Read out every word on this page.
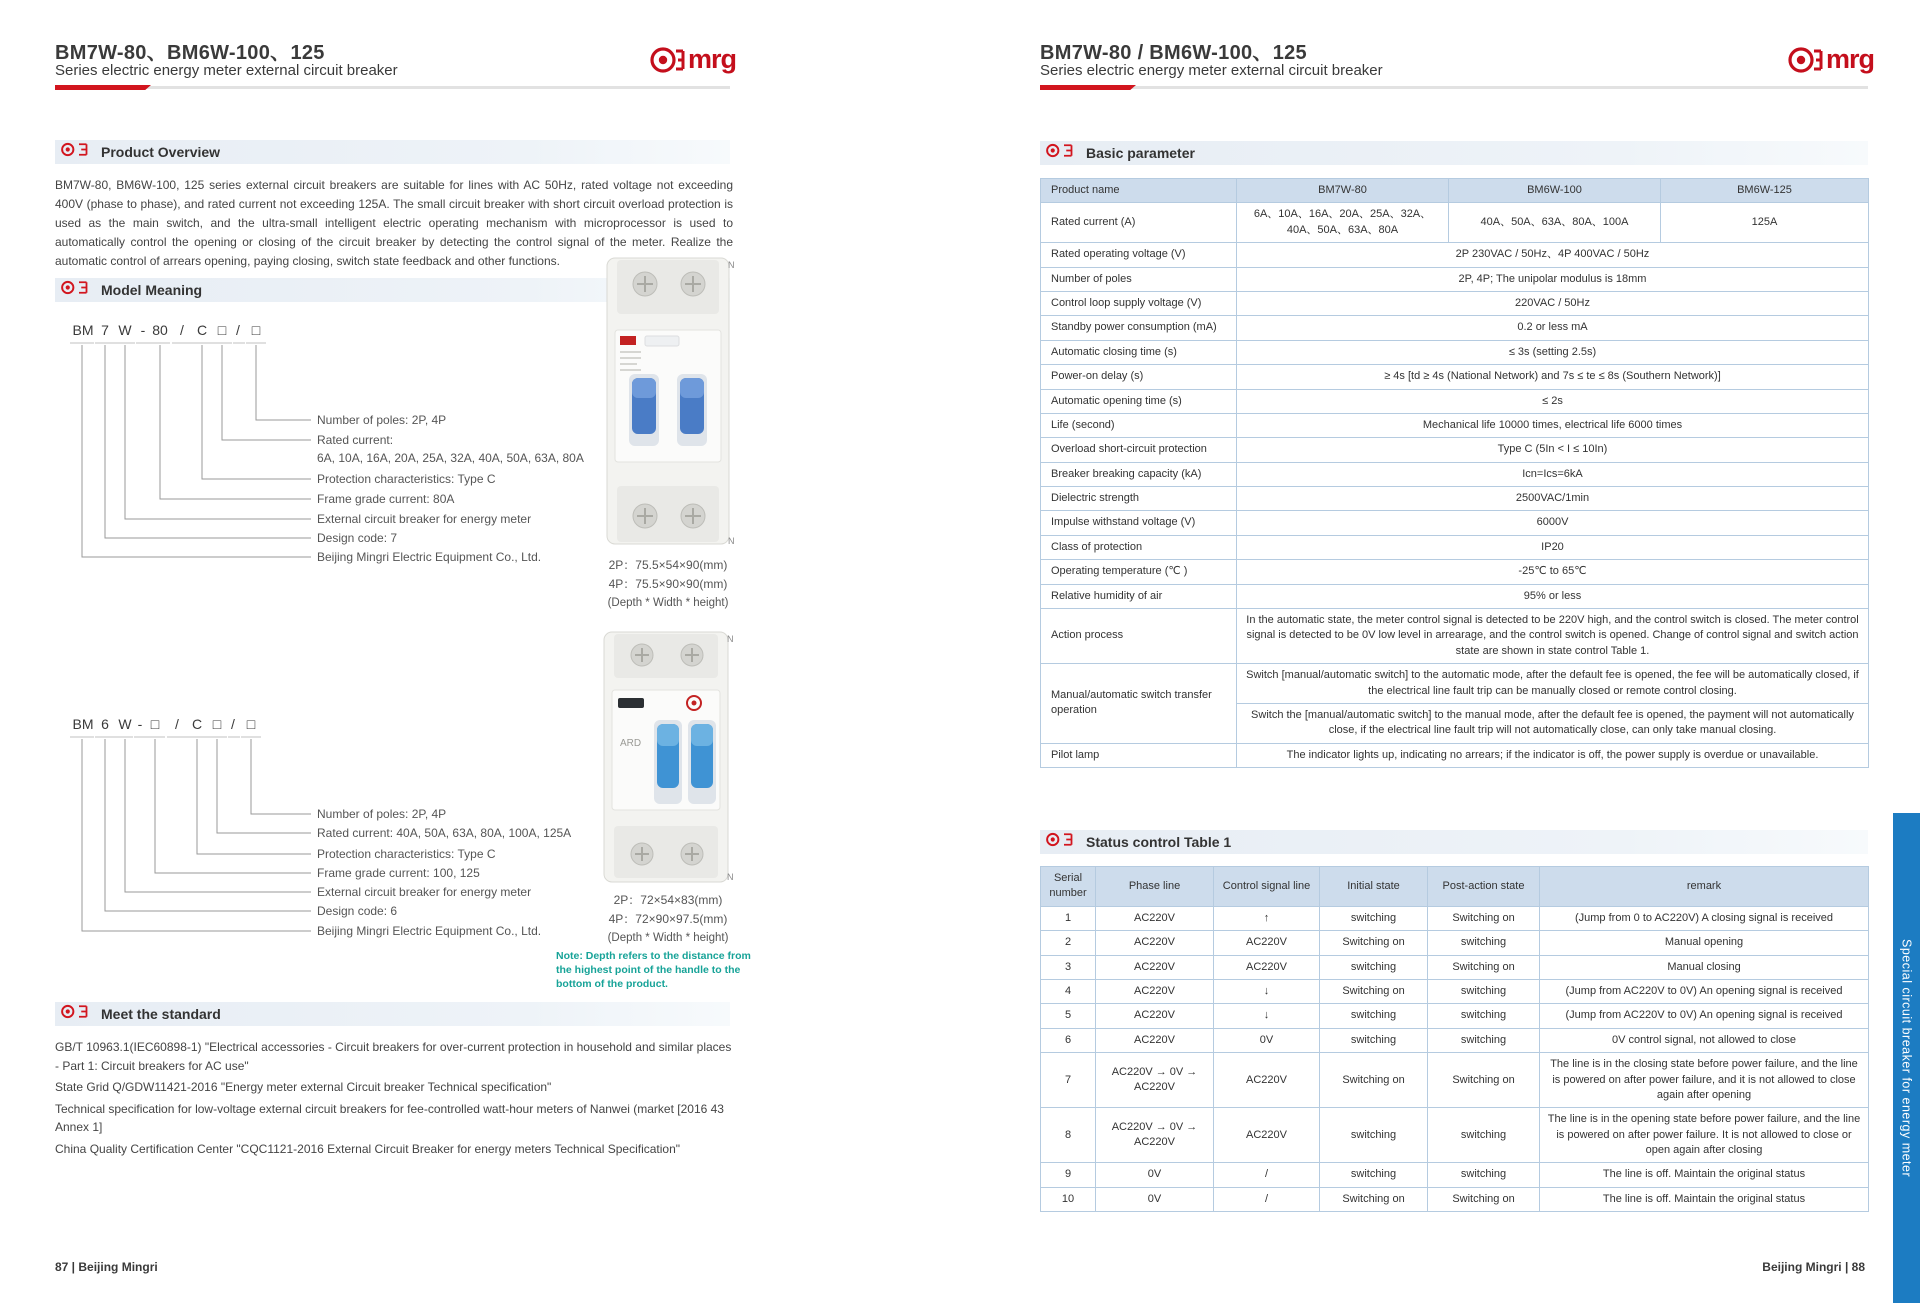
BM7W-80、BM6W-100、125
Series electric energy meter external circuit breaker	mrg
Product Overview
BM7W-80, BM6W-100, 125 series external circuit breakers are suitable for lines with AC 50Hz, rated voltage not exceeding 400V (phase to phase), and rated current not exceeding 125A. The small circuit breaker with short circuit overload protection is used as the main switch, and the ultra-small intelligent electric operating mechanism with microprocessor is used to automatically control the opening or closing of the circuit breaker by detecting the control signal of the meter. Realize the automatic control of arrears opening, paying closing, switch state feedback and other functions.
Model Meaning
BM 7 W - 80 / C □ / □
Number of poles: 2P, 4P
Rated current:
6A, 10A, 16A, 20A, 25A, 32A, 40A, 50A, 63A, 80A
Protection characteristics: Type C
Frame grade current: 80A
External circuit breaker for energy meter
Design code: 7
Beijing Mingri Electric Equipment Co., Ltd.
N
N
2P：75.5×54×90(mm)
4P：75.5×90×90(mm)
(Depth * Width * height)
BM 6 W - □	/ C □ / □
Number of poles: 2P, 4P
Rated current: 40A, 50A, 63A, 80A, 100A, 125A
Protection characteristics: Type C
Frame grade current: 100, 125
External circuit breaker for energy meter
Design code: 6
Beijing Mingri Electric Equipment Co., Ltd.
N
ARD
N
2P：72×54×83(mm)
4P：72×90×97.5(mm)
(Depth * Width * height)
Note: Depth refers to the distance from the highest point of the handle to the bottom of the product.
Meet the standard
GB/T 10963.1(IEC60898-1) "Electrical accessories - Circuit breakers for over-current protection in household and similar places - Part 1: Circuit breakers for AC use"
State Grid Q/GDW11421-2016 "Energy meter external Circuit breaker Technical specification"
Technical specification for low-voltage external circuit breakers for fee-controlled watt-hour meters of Nanwei (market [2016 43 Annex 1]
China Quality Certification Center "CQC1121-2016 External Circuit Breaker for energy meters Technical Specification"
87 | Beijing Mingri
BM7W-80 / BM6W-100、125
Series electric energy meter external circuit breaker	mrg
Basic parameter
Product name	BM7W-80	BM6W-100	BM6W-125
Rated current (A)	6A、10A、16A、20A、25A、32A、40A、50A、63A、80A	40A、50A、63A、80A、100A	125A
Rated operating voltage (V)	2P 230VAC / 50Hz、4P 400VAC / 50Hz		
Number of poles	2P, 4P; The unipolar modulus is 18mm		
Control loop supply voltage (V)	220VAC / 50Hz		
Standby power consumption (mA)	0.2 or less mA		
Automatic closing time (s)	≤ 3s (setting 2.5s)		
Power-on delay (s)	≥ 4s [td ≥ 4s (National Network) and 7s ≤ te ≤ 8s (Southern Network)]		
Automatic opening time (s)	≤ 2s		
Life (second)	Mechanical life 10000 times, electrical life 6000 times		
Overload short-circuit protection	Type C (5In < I ≤ 10In)		
Breaker breaking capacity (kA)	Icn=Ics=6kA		
Dielectric strength	2500VAC/1min		
Impulse withstand voltage (V)	6000V		
Class of protection	IP20		
Operating temperature (℃ )	-25℃ to 65℃		
Relative humidity of air	95% or less		
Action process	In the automatic state, the meter control signal is detected to be 220V high, and the control switch is closed. The meter control signal is detected to be 0V low level in arrearage, and the control switch is opened. Change of control signal and switch action state are shown in state control Table 1.		
Manual/automatic switch transfer operation	Switch [manual/automatic switch] to the automatic mode, after the default fee is opened, the fee will be automatically closed, if the electrical line fault trip can be manually closed or remote control closing.		
	Switch the [manual/automatic switch] to the manual mode, after the default fee is opened, the payment will not automatically close, if the electrical line fault trip will not automatically close, can only take manual closing.		
Pilot lamp	The indicator lights up, indicating no arrears; if the indicator is off, the power supply is overdue or unavailable.		
Status control Table 1
Serial number	Phase line	Control signal line	Initial state	Post-action state	remark
1	AC220V	↑	switching	Switching on	(Jump from 0 to AC220V) A closing signal is received
2	AC220V	AC220V	Switching on	switching	Manual opening
3	AC220V	AC220V	switching	Switching on	Manual closing
4	AC220V	↓	Switching on	switching	(Jump from AC220V to 0V) An opening signal is received
5	AC220V	↓	switching	switching	(Jump from AC220V to 0V) An opening signal is received
6	AC220V	0V	switching	switching	0V control signal, not allowed to close
7	AC220V → 0V → AC220V	AC220V	Switching on	Switching on	The line is in the closing state before power failure, and the line is powered on after power failure, and it is not allowed to close again after opening
8	AC220V → 0V → AC220V	AC220V	switching	switching	The line is in the opening state before power failure, and the line is powered on after power failure. It is not allowed to close or open again after closing
9	0V	/	switching	switching	The line is off. Maintain the original status
10	0V	/	Switching on	Switching on	The line is off. Maintain the original status
Beijing Mingri | 88
Special circuit breaker for energy meter
